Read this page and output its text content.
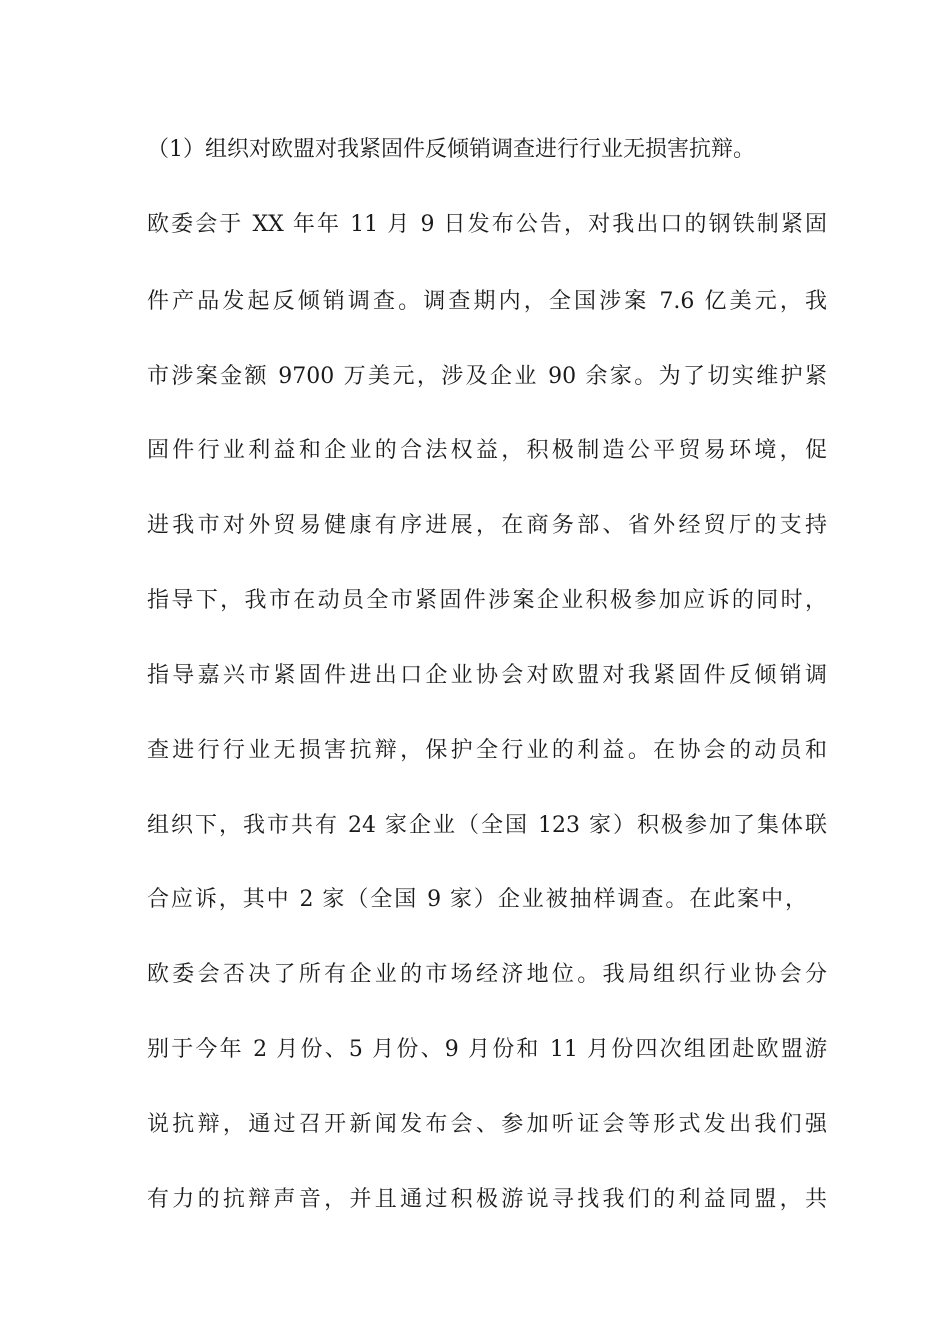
（1）组织对欧盟对我紧固件反倾销调查进行行业无损害抗辩。
欧委会于 XX 年年 11 月 9 日发布公告，对我出口的钢铁制紧固
件产品发起反倾销调查。调查期内，全国涉案 7.6 亿美元，我
市涉案金额 9700 万美元，涉及企业 90 余家。为了切实维护紧
固件行业利益和企业的合法权益，积极制造公平贸易环境，促
进我市对外贸易健康有序进展，在商务部、省外经贸厅的支持
指导下，我市在动员全市紧固件涉案企业积极参加应诉的同时，
指导嘉兴市紧固件进出口企业协会对欧盟对我紧固件反倾销调
查进行行业无损害抗辩，保护全行业的利益。在协会的动员和
组织下，我市共有 24 家企业（全国 123 家）积极参加了集体联
合应诉，其中 2 家（全国 9 家）企业被抽样调查。在此案中，
欧委会否决了所有企业的市场经济地位。我局组织行业协会分
别于今年 2 月份、5 月份、9 月份和 11 月份四次组团赴欧盟游
说抗辩，通过召开新闻发布会、参加听证会等形式发出我们强
有力的抗辩声音，并且通过积极游说寻找我们的利益同盟，共
